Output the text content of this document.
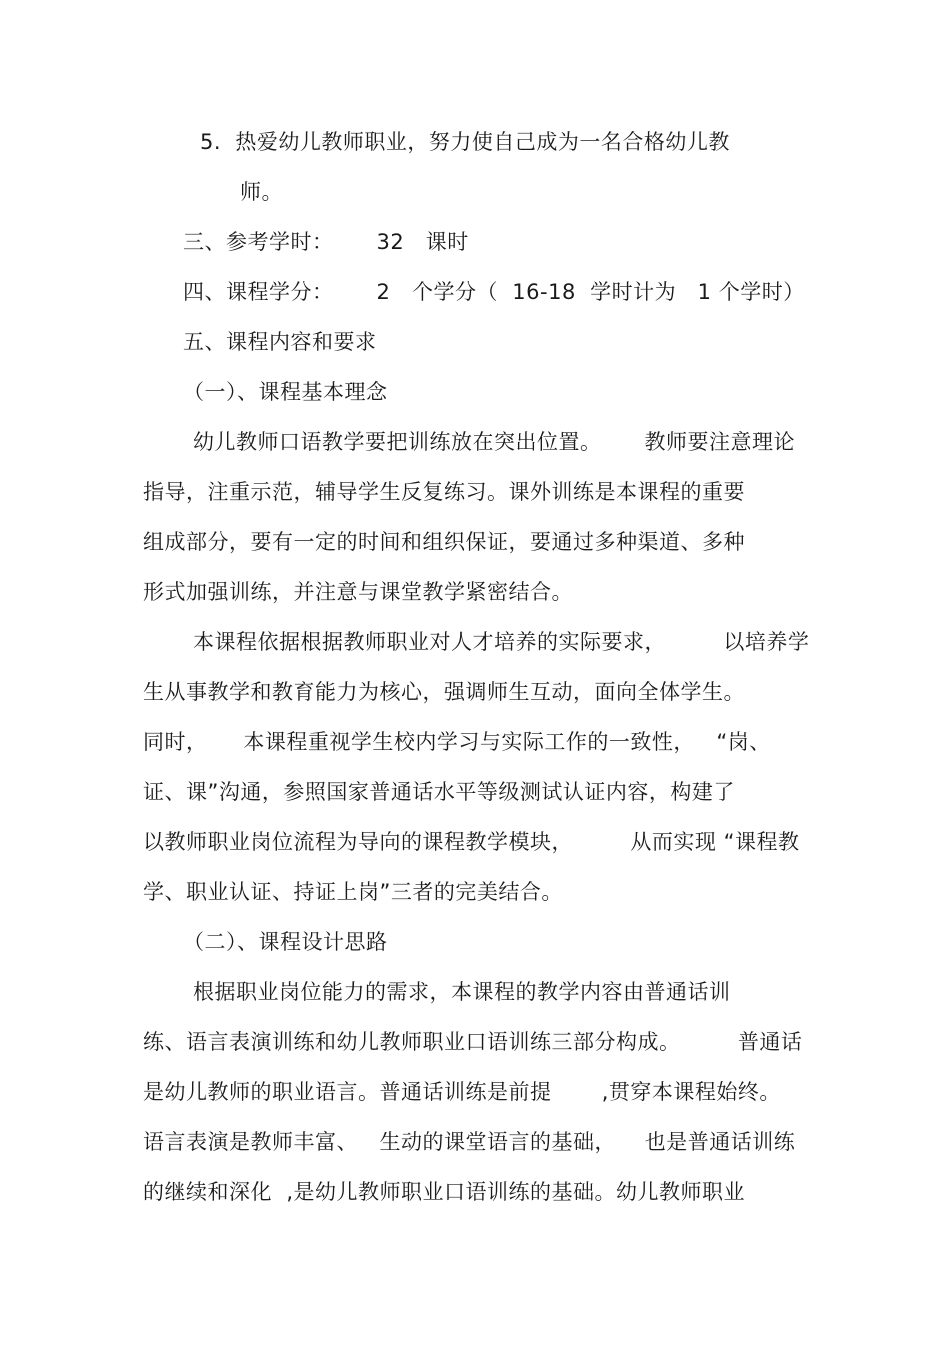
5.  热爱幼儿教师职业，努力使自己成为一名合格幼儿教
师。
三、参考学时：      32   课时
四、课程学分：      2   个学分（  16-18  学时计为   1 个学时）
五、课程内容和要求
（一）、课程基本理念
幼儿教师口语教学要把训练放在突出位置。      教师要注意理论
指导，注重示范，辅导学生反复练习。课外训练是本课程的重要
组成部分，要有一定的时间和组织保证，要通过多种渠道、多种
形式加强训练，并注意与课堂教学紧密结合。
本课程依据根据教师职业对人才培养的实际要求，        以培养学
生从事教学和教育能力为核心，强调师生互动，面向全体学生。
同时，     本课程重视学生校内学习与实际工作的一致性，   “岗、
证、课”沟通，参照国家普通话水平等级测试认证内容，构建了
以教师职业岗位流程为导向的课程教学模块，        从而实现 “课程教
学、职业认证、持证上岗”三者的完美结合。
（二）、课程设计思路
根据职业岗位能力的需求，本课程的教学内容由普通话训
练、语言表演训练和幼儿教师职业口语训练三部分构成。        普通话
是幼儿教师的职业语言。普通话训练是前提       ,贯穿本课程始终。
语言表演是教师丰富、   生动的课堂语言的基础，    也是普通话训练
的继续和深化  ,是幼儿教师职业口语训练的基础。幼儿教师职业
